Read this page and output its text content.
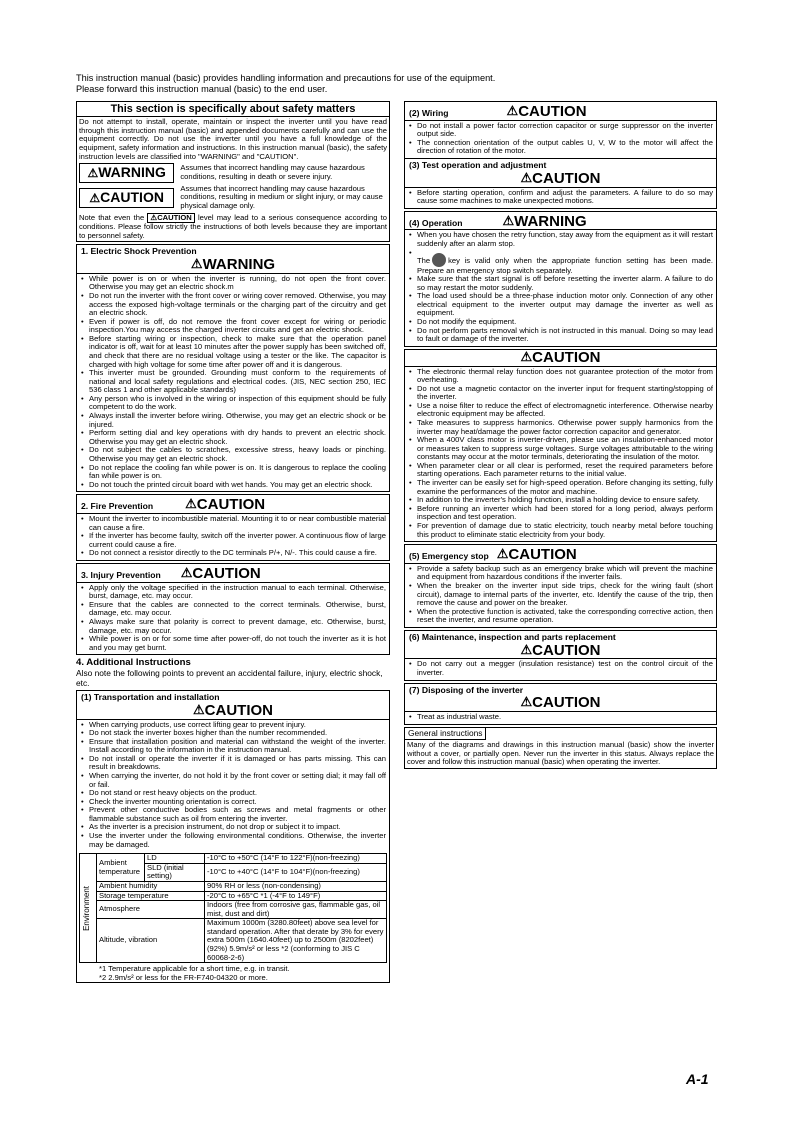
This instruction manual (basic) provides handling information and precautions for use of the equipment.
Please forward this instruction manual (basic) to the end user.
This section is specifically about safety matters
Do not attempt to install, operate, maintain or inspect the inverter until you have read through this instruction manual (basic) and appended documents carefully and can use the equipment correctly. Do not use the inverter until you have a full knowledge of the equipment, safety information and instructions. In this instruction manual (basic), the safety instruction levels are classified into "WARNING" and "CAUTION".
⚠WARNING	Assumes that incorrect handling may cause hazardous conditions, resulting in death or severe injury.
⚠CAUTION
Assumes that incorrect handling may cause hazardous conditions, resulting in medium or slight injury, or may cause physical damage only.
Note that even the ⚠CAUTION level may lead to a serious consequence according to conditions. Please follow strictly the instructions of both levels because they are important to personnel safety.
1. Electric Shock Prevention
⚠WARNING
• While power is on or when the inverter is running, do not open the front cover. Otherwise you may get an electric shock.m
• Do not run the inverter with the front cover or wiring cover removed. Otherwise, you may access the exposed high-voltage terminals or the charging part of the circuitry and get an electric shock.
• Even if power is off, do not remove the front cover except for wiring or periodic inspection.You may access the charged inverter circuits and get an electric shock.
• Before starting wiring or inspection, check to make sure that the operation panel indicator is off, wait for at least 10 minutes after the power supply has been switched off, and check that there are no residual voltage using a tester or the like. The capacitor is charged with high voltage for some time after power off and it is dangerous.
• This inverter must be grounded. Grounding must conform to the requirements of national and local safety regulations and electrical codes. (JIS, NEC section 250, IEC 536 class 1 and other applicable standards)
• Any person who is involved in the wiring or inspection of this equipment should be fully competent to do the work.
• Always install the inverter before wiring. Otherwise, you may get an electric shock or be injured.
• Perform setting dial and key operations with dry hands to prevent an electric shock. Otherwise you may get an electric shock.
• Do not subject the cables to scratches, excessive stress, heavy loads or pinching. Otherwise you may get an electric shock.
• Do not replace the cooling fan while power is on. It is dangerous to replace the cooling fan while power is on.
• Do not touch the printed circuit board with wet hands. You may get an electric shock.
2. Fire Prevention ⚠CAUTION
• Mount the inverter to incombustible material. Mounting it to or near combustible material can cause a fire.
• If the inverter has become faulty, switch off the inverter power. A continuous flow of large current could cause a fire.
• Do not connect a resistor directly to the DC terminals P/+, N/-. This could cause a fire.
3. Injury Prevention ⚠CAUTION
• Apply only the voltage specified in the instruction manual to each terminal. Otherwise, burst, damage, etc. may occur.
• Ensure that the cables are connected to the correct terminals. Otherwise, burst, damage, etc. may occur.
• Always make sure that polarity is correct to prevent damage, etc. Otherwise, burst, damage, etc. may occur.
• While power is on or for some time after power-off, do not touch the inverter as it is hot and you may get burnt.
4. Additional Instructions
Also note the following points to prevent an accidental failure, injury, electric shock, etc.
(1) Transportation and installation
⚠CAUTION
• When carrying products, use correct lifting gear to prevent injury.
• Do not stack the inverter boxes higher than the number recommended.
• Ensure that installation position and material can withstand the weight of the inverter. Install according to the information in the instruction manual.
• Do not install or operate the inverter if it is damaged or has parts missing. This can result in breakdowns.
• When carrying the inverter, do not hold it by the front cover or setting dial; it may fall off or fail.
• Do not stand or rest heavy objects on the product.
• Check the inverter mounting orientation is correct.
• Prevent other conductive bodies such as screws and metal fragments or other flammable substance such as oil from entering the inverter.
• As the inverter is a precision instrument, do not drop or subject it to impact.
• Use the inverter under the following environmental conditions. Otherwise, the inverter may be damaged.
Environment	Ambient temperature	LD	-10°C to +50°C (14°F to 122°F)(non-freezing)
		SLD (initial setting)	-10°C to +40°C (14°F to 104°F)(non-freezing)
	Ambient humidity		90% RH or less (non-condensing)
	Storage temperature		-20°C to +65°C *1 (-4°F to 149°F)
	Atmosphere		Indoors (free from corrosive gas, flammable gas, oil mist, dust and dirt)
	Altitude, vibration		Maximum 1000m (3280.80feet) above sea level for standard operation. After that derate by 3% for every extra 500m (1640.40feet) up to 2500m (8202feet) (92%) 5.9m/s² or less *2 (conforming to JIS C 60068-2-6)

*1 Temperature applicable for a short time, e.g. in transit.
*2 2.9m/s² or less for the FR-F740-04320 or more.
(2) Wiring	⚠CAUTION
• Do not install a power factor correction capacitor or surge suppressor on the inverter output side.
• The connection orientation of the output cables U, V, W to the motor will affect the direction of rotation of the motor.
(3) Test operation and adjustment
⚠CAUTION
• Before starting operation, confirm and adjust the parameters. A failure to do so may cause some machines to make unexpected motions.
(4) Operation	⚠WARNING
• When you have chosen the retry function, stay away from the equipment as it will restart suddenly after an alarm stop.
• The key is valid only when the appropriate function setting has been made. Prepare an emergency stop switch separately.
• Make sure that the start signal is off before resetting the inverter alarm. A failure to do so may restart the motor suddenly.
• The load used should be a three-phase induction motor only. Connection of any other electrical equipment to the inverter output may damage the inverter as well as equipment.
• Do not modify the equipment.
• Do not perform parts removal which is not instructed in this manual. Doing so may lead to fault or damage of the inverter.
⚠CAUTION
• The electronic thermal relay function does not guarantee protection of the motor from overheating.
• Do not use a magnetic contactor on the inverter input for frequent starting/stopping of the inverter.
• Use a noise filter to reduce the effect of electromagnetic interference. Otherwise nearby electronic equipment may be affected.
• Take measures to suppress harmonics. Otherwise power supply harmonics from the inverter may heat/damage the power factor correction capacitor and generator.
• When a 400V class motor is inverter-driven, please use an insulation-enhanced motor or measures taken to suppress surge voltages. Surge voltages attributable to the wiring constants may occur at the motor terminals, deteriorating the insulation of the motor.
• When parameter clear or all clear is performed, reset the required parameters before starting operations. Each parameter returns to the initial value.
• The inverter can be easily set for high-speed operation. Before changing its setting, fully examine the performances of the motor and machine.
• In addition to the inverter's holding function, install a holding device to ensure safety.
• Before running an inverter which had been stored for a long period, always perform inspection and test operation.
• For prevention of damage due to static electricity, touch nearby metal before touching this product to eliminate static electricity from your body.
(5) Emergency stop ⚠CAUTION
• Provide a safety backup such as an emergency brake which will prevent the machine and equipment from hazardous conditions if the inverter fails.
• When the breaker on the inverter input side trips, check for the wiring fault (short circuit), damage to internal parts of the inverter, etc. Identify the cause of the trip, then remove the cause and power on the breaker.
• When the protective function is activated, take the corresponding corrective action, then reset the inverter, and resume operation.
(6) Maintenance, inspection and parts replacement
⚠CAUTION
• Do not carry out a megger (insulation resistance) test on the control circuit of the inverter.
(7) Disposing of the inverter
⚠CAUTION
• Treat as industrial waste.
General instructions
Many of the diagrams and drawings in this instruction manual (basic) show the inverter without a cover, or partially open. Never run the inverter in this status. Always replace the cover and follow this instruction manual (basic) when operating the inverter.
A-1
